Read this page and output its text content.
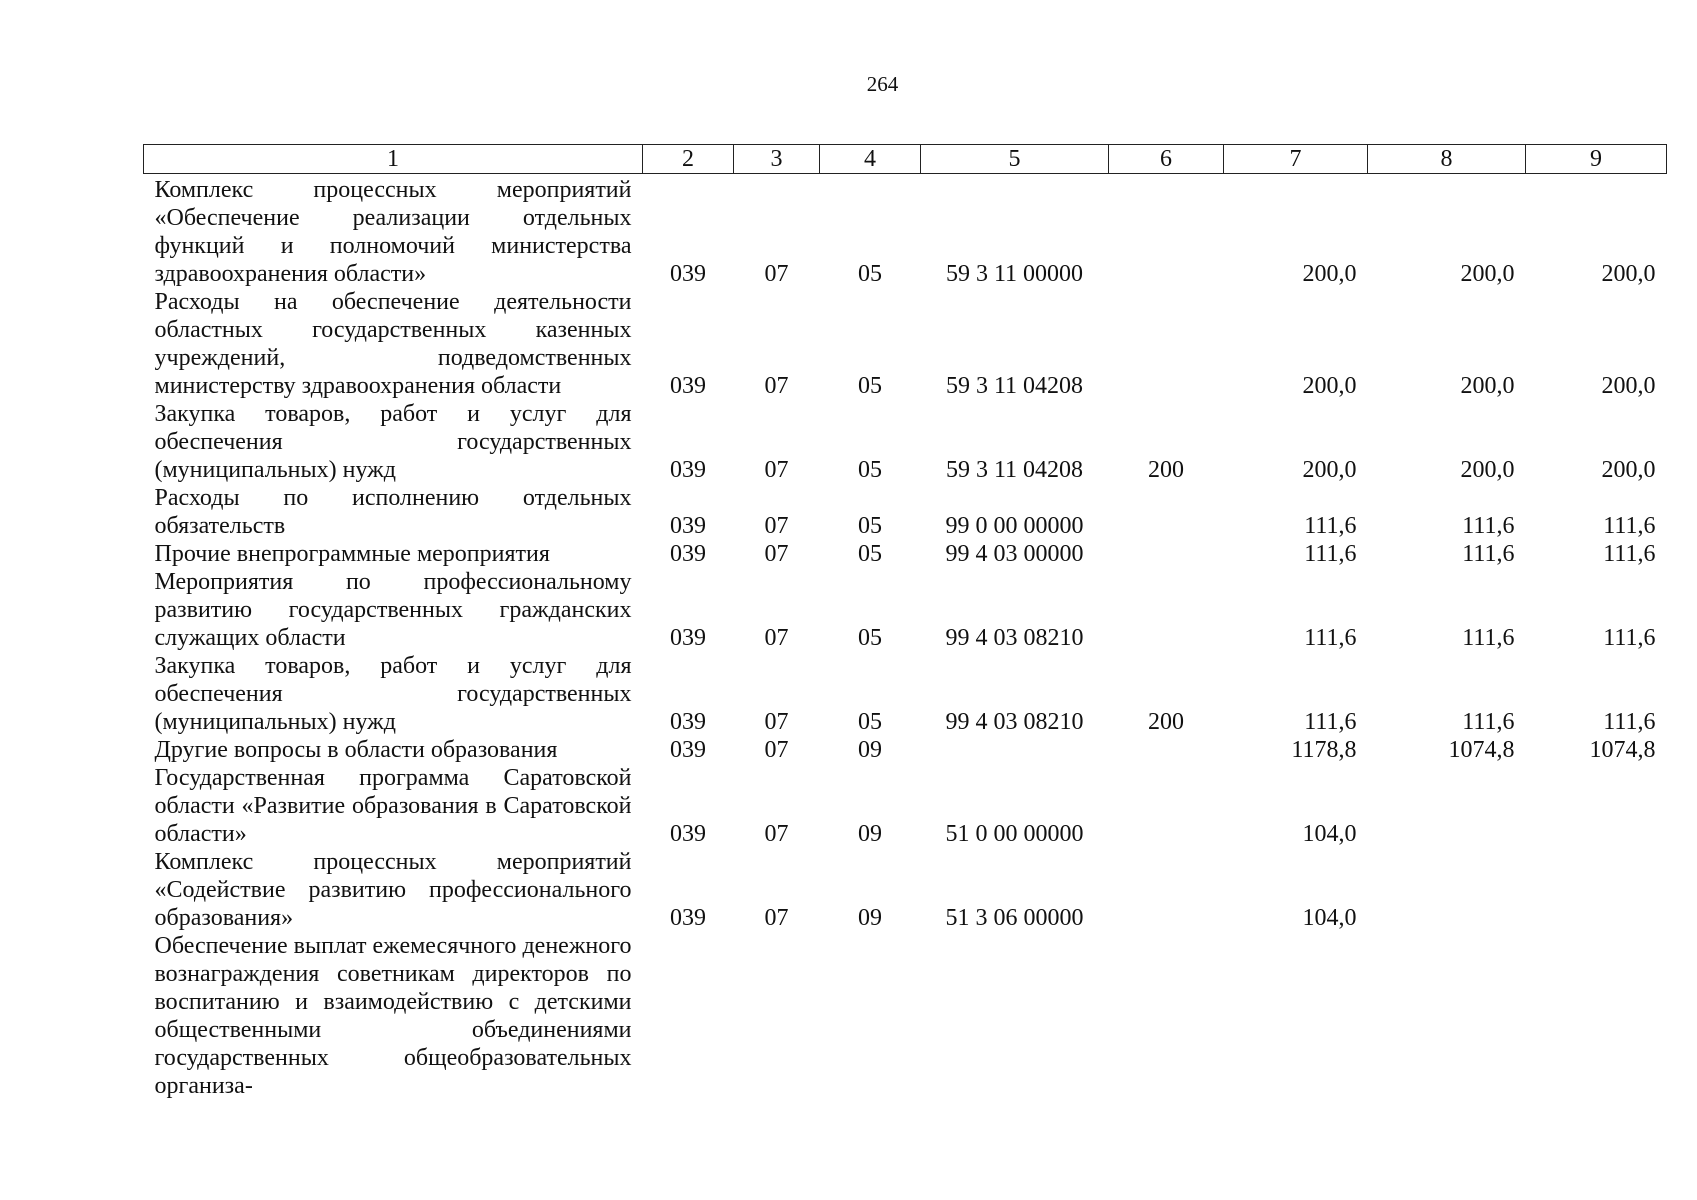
264
1	2	3	4	5	6	7	8	9
Комплекс процессных мероприятий «Обеспечение реализации отдельных функций и полномочий министерства здравоохранения области»	039	07	05	59 3 11 00000		200,0	200,0	200,0
Расходы на обеспечение деятельности областных государственных казенных учреждений, подведомственных министерству здравоохранения области	039	07	05	59 3 11 04208		200,0	200,0	200,0
Закупка товаров, работ и услуг для обеспечения государственных (муниципальных) нужд	039	07	05	59 3 11 04208	200	200,0	200,0	200,0
Расходы по исполнению отдельных обязательств	039	07	05	99 0 00 00000		111,6	111,6	111,6
Прочие внепрограммные мероприятия	039	07	05	99 4 03 00000		111,6	111,6	111,6
Мероприятия по профессиональному развитию государственных гражданских служащих области	039	07	05	99 4 03 08210		111,6	111,6	111,6
Закупка товаров, работ и услуг для обеспечения государственных (муниципальных) нужд	039	07	05	99 4 03 08210	200	111,6	111,6	111,6
Другие вопросы в области образования	039	07	09			1178,8	1074,8	1074,8
Государственная программа Саратовской области «Развитие образования в Саратовской области»	039	07	09	51 0 00 00000		104,0		
Комплекс процессных мероприятий «Содействие развитию профессионального образования»	039	07	09	51 3 06 00000		104,0		
Обеспечение выплат ежемесячного денежного вознаграждения советникам директоров по воспитанию и взаимодействию с детскими общественными объединениями государственных общеобразовательных организа-								
